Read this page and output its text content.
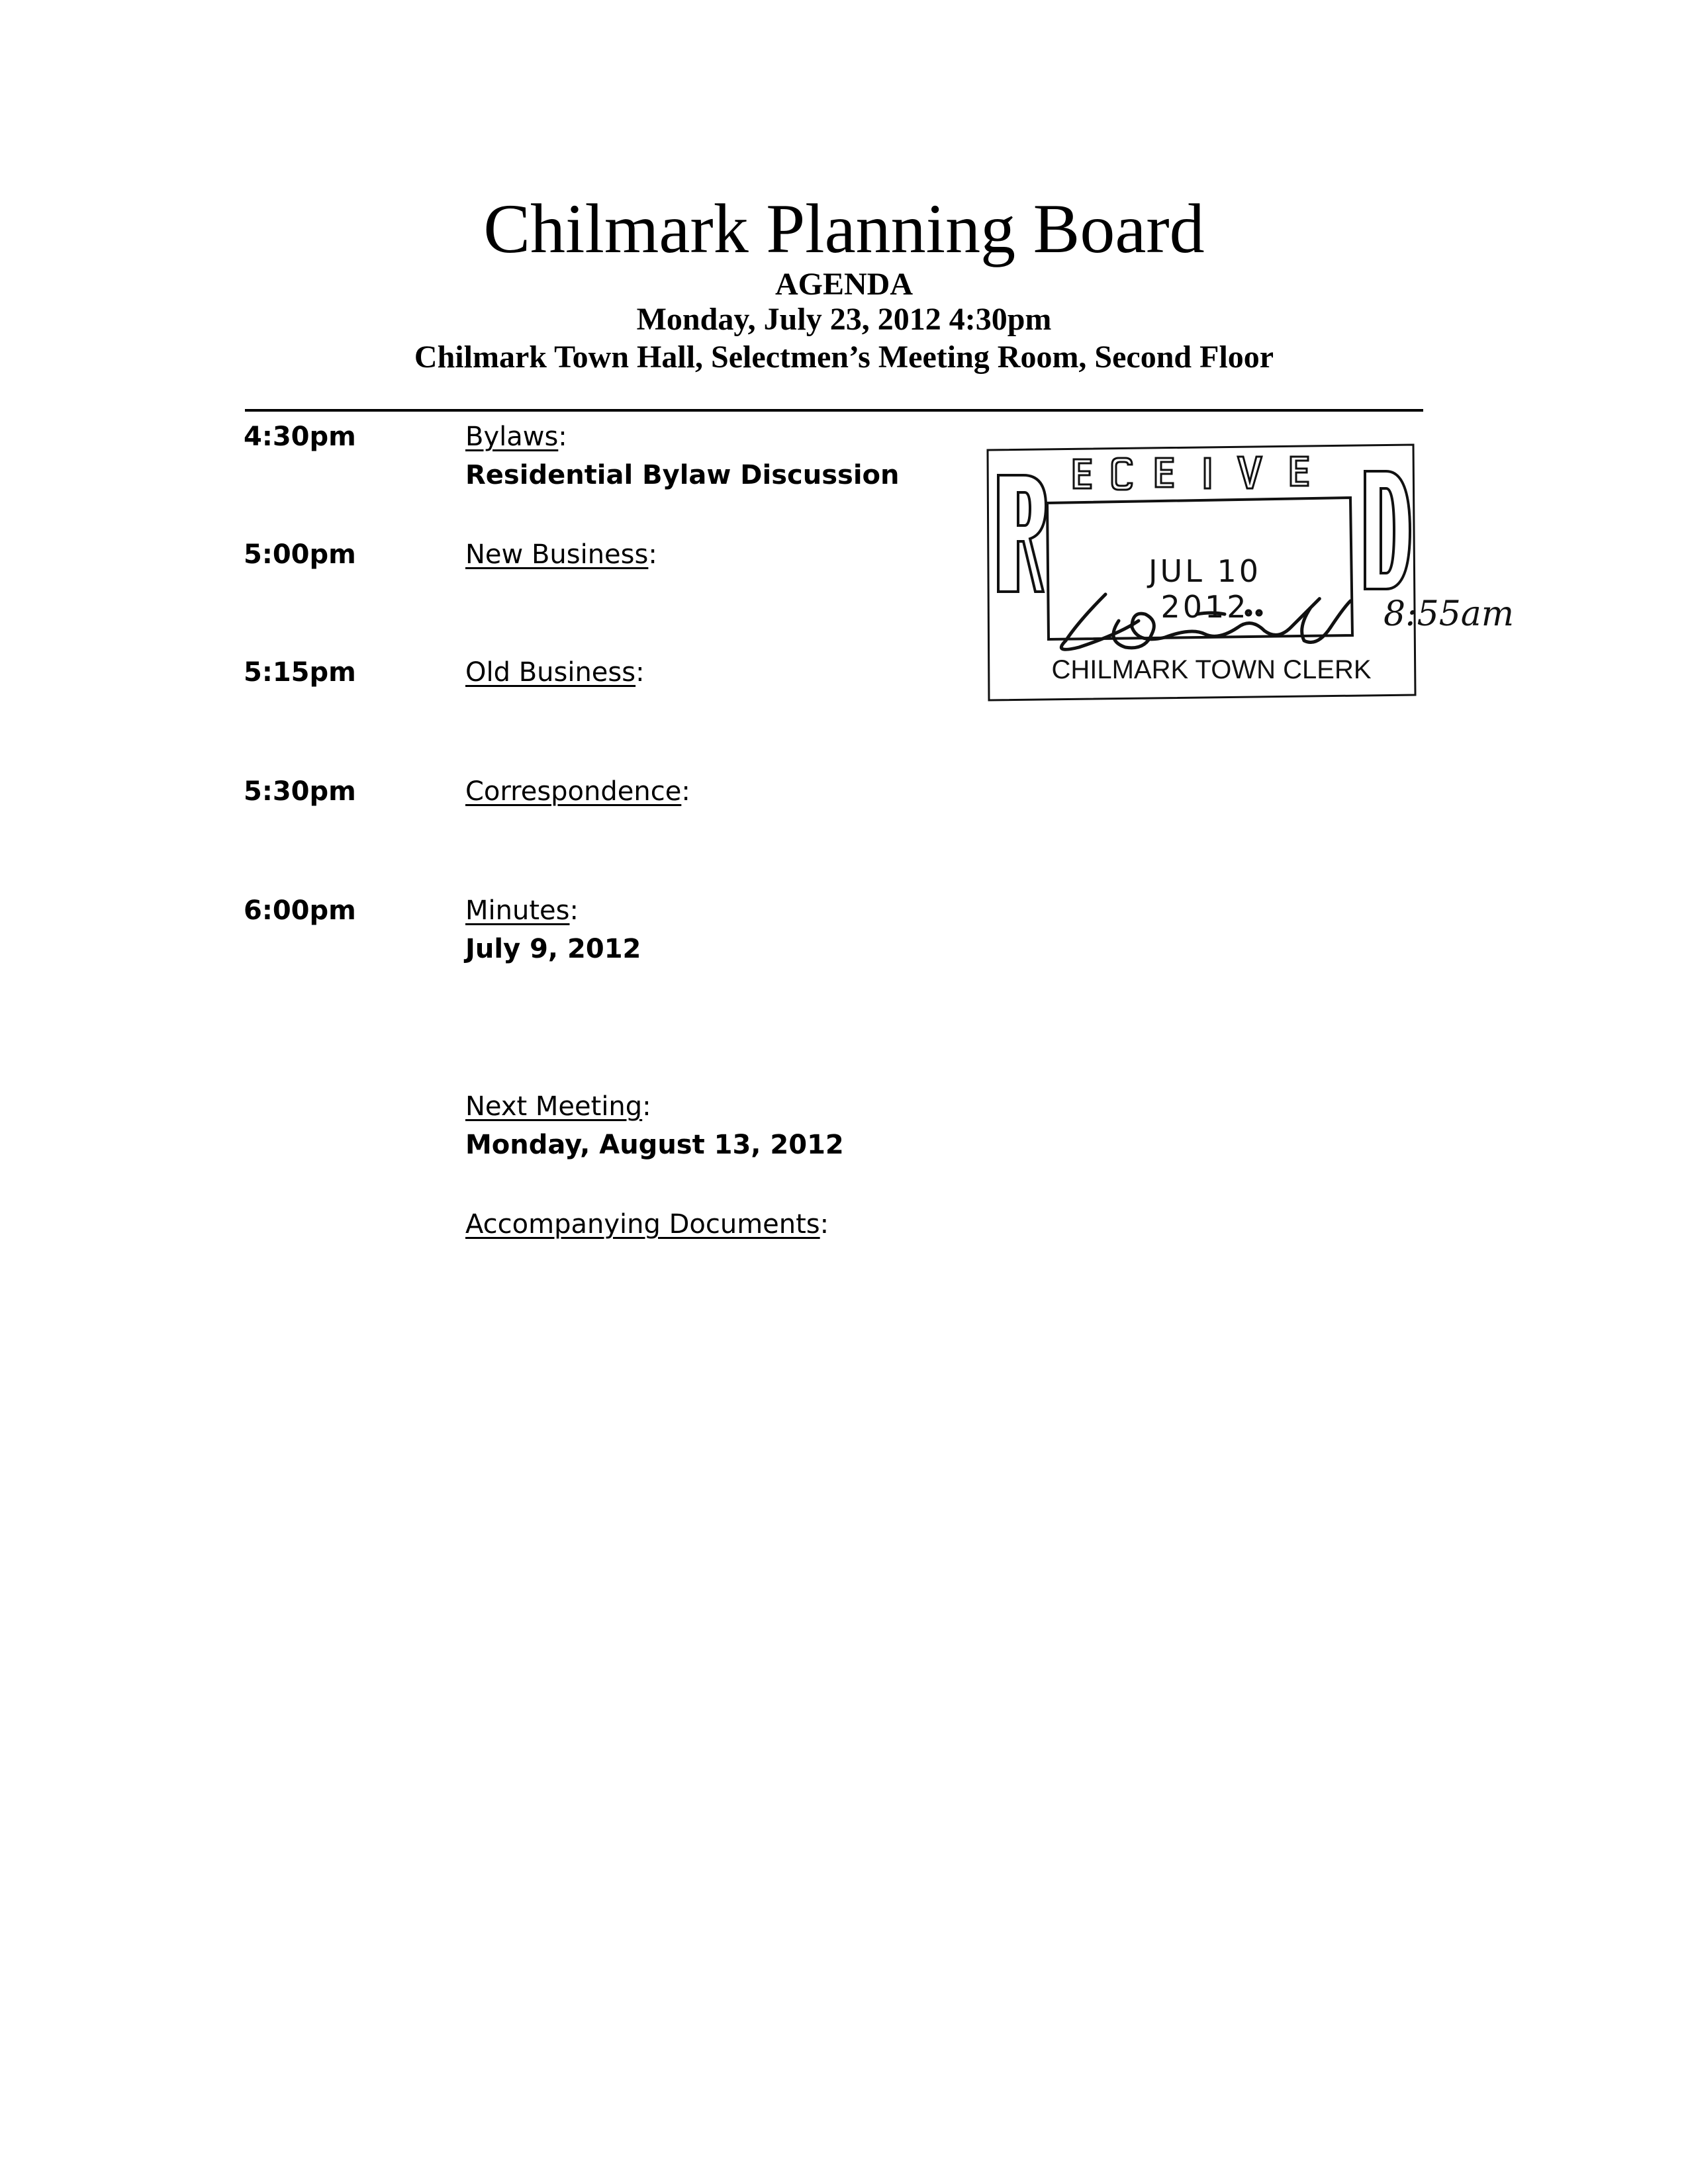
Chilmark Planning Board
AGENDA
Monday, July 23, 2012 4:30pm
Chilmark Town Hall, Selectmen’s Meeting Room, Second Floor
4:30pm	Bylaws:
Residential Bylaw Discussion
5:00pm	New Business:
5:15pm	Old Business:
5:30pm	Correspondence:
6:00pm	Minutes:
July 9, 2012
Next Meeting:
Monday, August 13, 2012
Accompanying Documents:
JUL 10 2012
CHILMARK TOWN CLERK
8:55am
